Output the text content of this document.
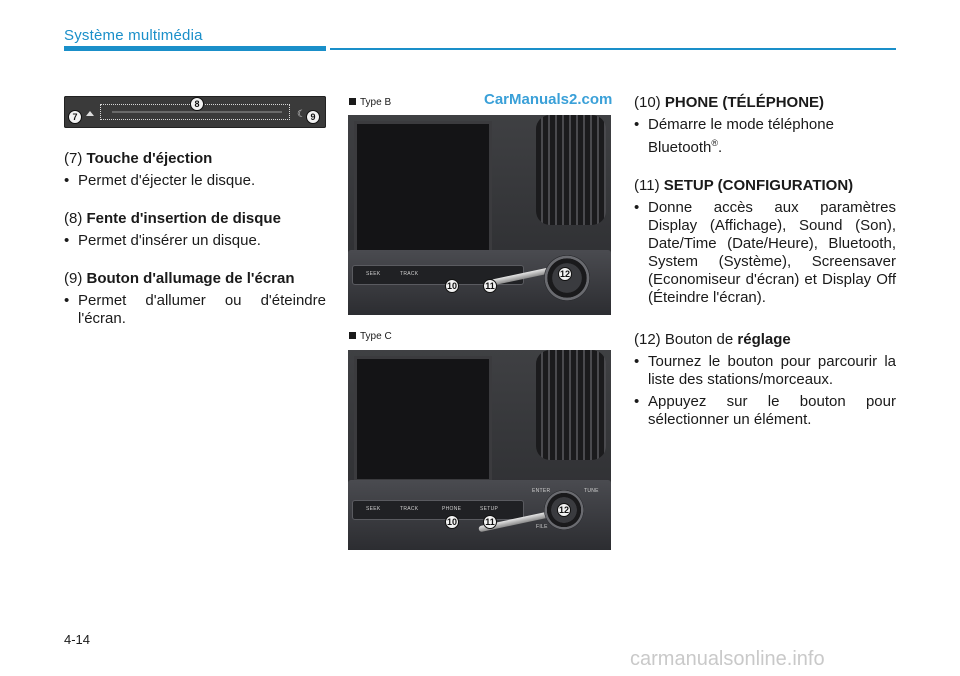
Système multimédia
☾
7
8
9

(7) Touche d'éjection

• Permet d'éjecter le disque.

(8) Fente d'insertion de disque

• Permet d'insérer un disque.

(9) Bouton d'allumage de l'écran

• Permet d'allumer ou d'éteindre l'écran.

Type B	CarManuals2.com
SEEK	TRACK
10	11
12
Type C
SEEK	TRACK	PHONE	SETUP
ENTER	TUNE
FILE
10	11
12

(10) PHONE (TÉLÉPHONE)

• Démarre le mode téléphone
Bluetooth®.

(11) SETUP (CONFIGURATION)

• Donne accès aux paramètres Display (Affichage), Sound (Son), Date/Time (Date/Heure), Bluetooth, System (Système), Screensaver (Economiseur d'écran) et Display Off (Éteindre l'écran).

(12) Bouton de réglage

• Tournez le bouton pour parcourir la liste des stations/morceaux.

• Appuyez sur le bouton pour sélectionner un élément.

4-14
carmanualsonline.info
